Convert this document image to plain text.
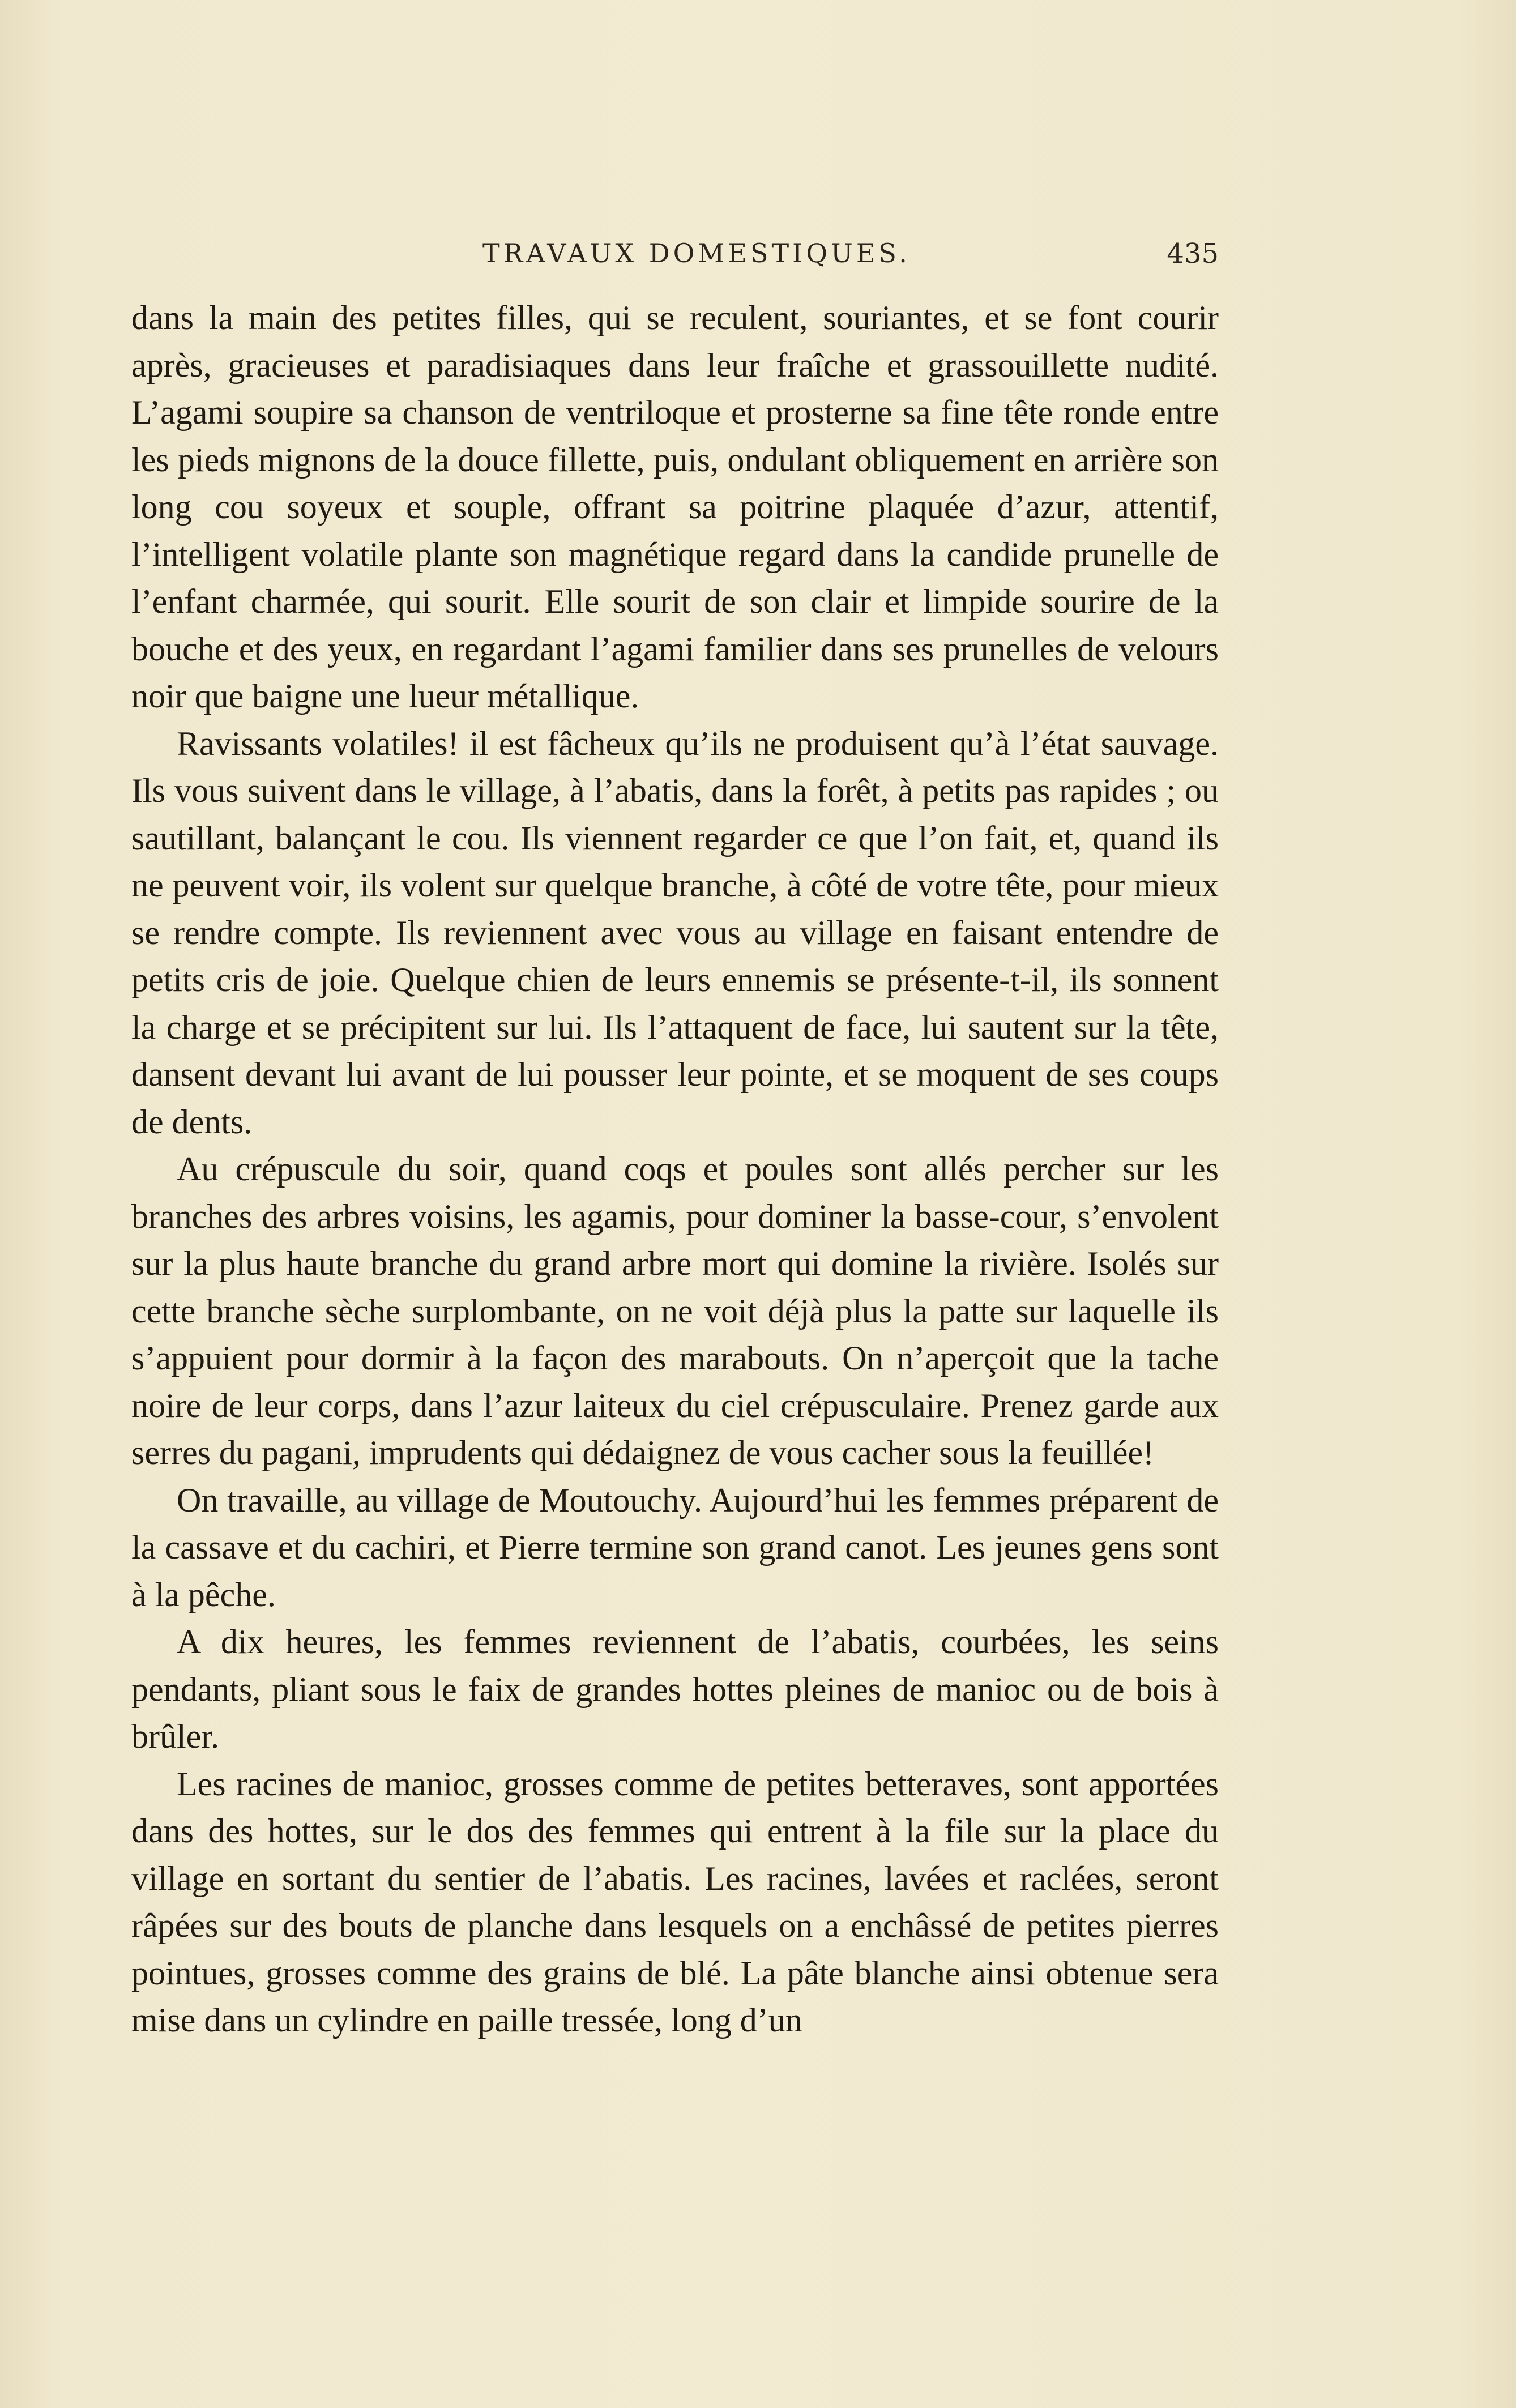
TRAVAUX DOMESTIQUES.	435

dans la main des petites filles, qui se reculent, souriantes, et se font courir après, gracieuses et paradisiaques dans leur fraîche et grassouillette nudité. L’agami soupire sa chanson de ventriloque et prosterne sa fine tête ronde entre les pieds mignons de la douce fillette, puis, ondulant obliquement en arrière son long cou soyeux et souple, offrant sa poitrine plaquée d’azur, attentif, l’intelligent volatile plante son magnétique regard dans la candide prunelle de l’enfant charmée, qui sourit. Elle sourit de son clair et limpide sourire de la bouche et des yeux, en regardant l’agami familier dans ses prunelles de velours noir que baigne une lueur métallique.

Ravissants volatiles! il est fâcheux qu’ils ne produisent qu’à l’état sauvage. Ils vous suivent dans le village, à l’abatis, dans la forêt, à petits pas rapides ; ou sautillant, balançant le cou. Ils viennent regarder ce que l’on fait, et, quand ils ne peuvent voir, ils volent sur quelque branche, à côté de votre tête, pour mieux se rendre compte. Ils reviennent avec vous au village en faisant entendre de petits cris de joie. Quelque chien de leurs ennemis se présente-t-il, ils sonnent la charge et se précipitent sur lui. Ils l’attaquent de face, lui sautent sur la tête, dansent devant lui avant de lui pousser leur pointe, et se moquent de ses coups de dents.

Au crépuscule du soir, quand coqs et poules sont allés percher sur les branches des arbres voisins, les agamis, pour dominer la basse-cour, s’envolent sur la plus haute branche du grand arbre mort qui domine la rivière. Isolés sur cette branche sèche surplombante, on ne voit déjà plus la patte sur laquelle ils s’appuient pour dormir à la façon des marabouts. On n’aperçoit que la tache noire de leur corps, dans l’azur laiteux du ciel crépusculaire. Prenez garde aux serres du pagani, imprudents qui dédaignez de vous cacher sous la feuillée!

On travaille, au village de Moutouchy. Aujourd’hui les femmes préparent de la cassave et du cachiri, et Pierre termine son grand canot. Les jeunes gens sont à la pêche.

A dix heures, les femmes reviennent de l’abatis, courbées, les seins pendants, pliant sous le faix de grandes hottes pleines de manioc ou de bois à brûler.

Les racines de manioc, grosses comme de petites betteraves, sont apportées dans des hottes, sur le dos des femmes qui entrent à la file sur la place du village en sortant du sentier de l’abatis. Les racines, lavées et raclées, seront râpées sur des bouts de planche dans lesquels on a enchâssé de petites pierres pointues, grosses comme des grains de blé. La pâte blanche ainsi obtenue sera mise dans un cylindre en paille tressée, long d’un
